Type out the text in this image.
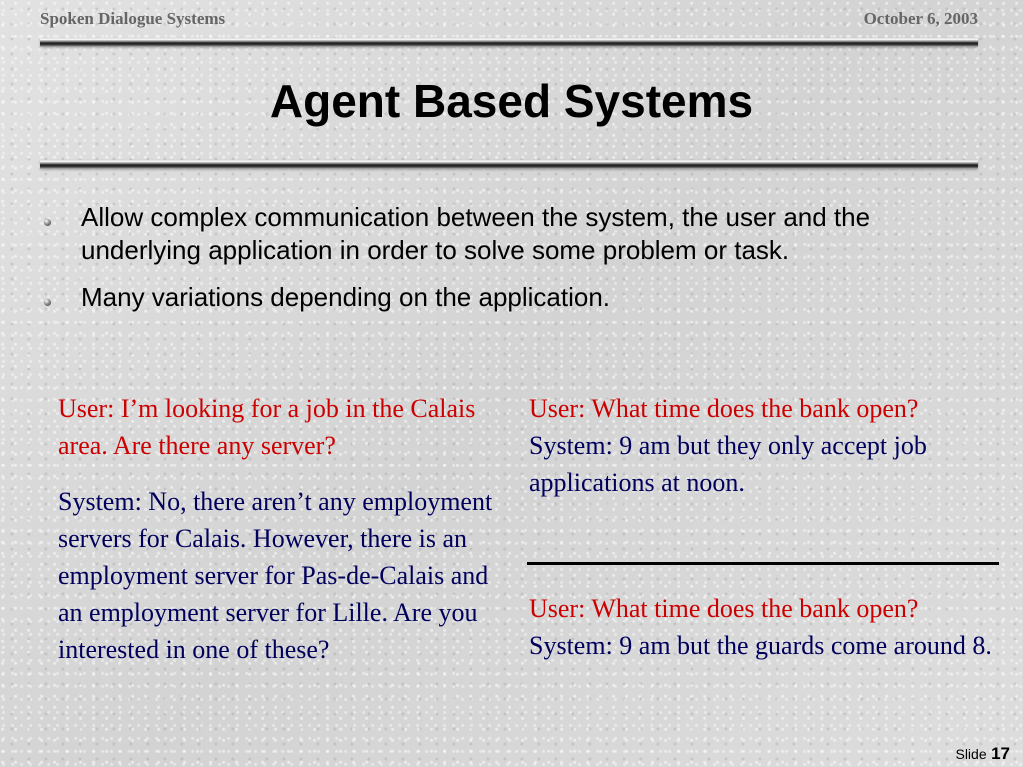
Spoken Dialogue Systems	October 6, 2003
Agent Based Systems
Allow complex communication between the system, the user and the underlying application in order to solve some problem or task.
Many variations depending on the application.

User: I’m looking for a job in the Calais area. Are there any server?

System: No, there aren’t any employment servers for Calais. However, there is an employment server for Pas-de-Calais and an employment server for Lille. Are you interested in one of these?

User: What time does the bank open?
System: 9 am but they only accept job applications at noon.
User: What time does the bank open?
System: 9 am but the guards come around 8.
Slide 17
